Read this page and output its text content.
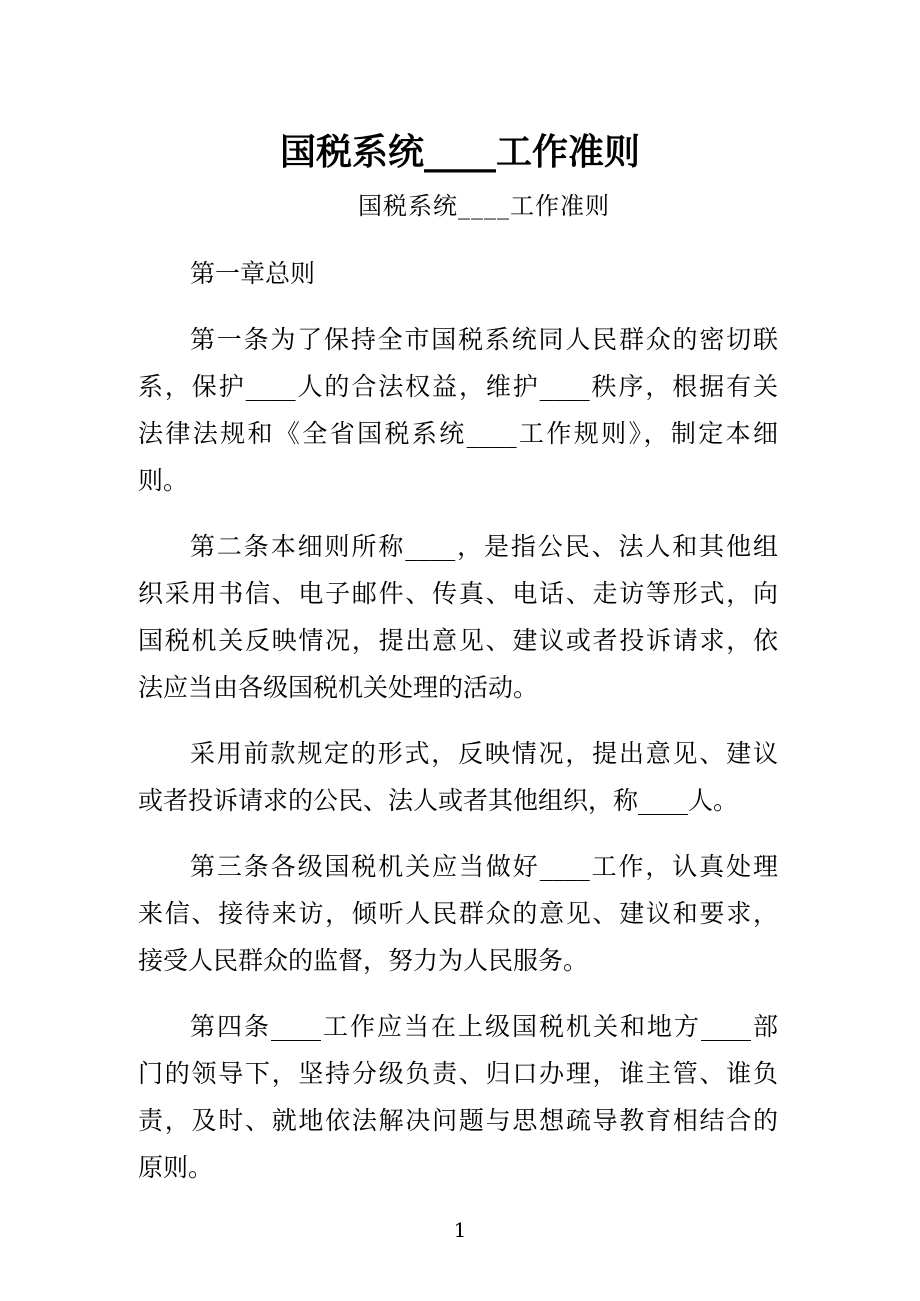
国税系统____工作准则
国税系统____工作准则
第一章总则
第一条为了保持全市国税系统同人民群众的密切联
系，保护____人的合法权益，维护____秩序，根据有关
法律法规和《全省国税系统____工作规则》，制定本细
则。
第二条本细则所称____，是指公民、法人和其他组
织采用书信、电子邮件、传真、电话、走访等形式，向
国税机关反映情况，提出意见、建议或者投诉请求，依
法应当由各级国税机关处理的活动。
采用前款规定的形式，反映情况，提出意见、建议
或者投诉请求的公民、法人或者其他组织，称____人。
第三条各级国税机关应当做好____工作，认真处理
来信、接待来访，倾听人民群众的意见、建议和要求，
接受人民群众的监督，努力为人民服务。
第四条____工作应当在上级国税机关和地方____部
门的领导下，坚持分级负责、归口办理，谁主管、谁负
责，及时、就地依法解决问题与思想疏导教育相结合的
原则。
1
